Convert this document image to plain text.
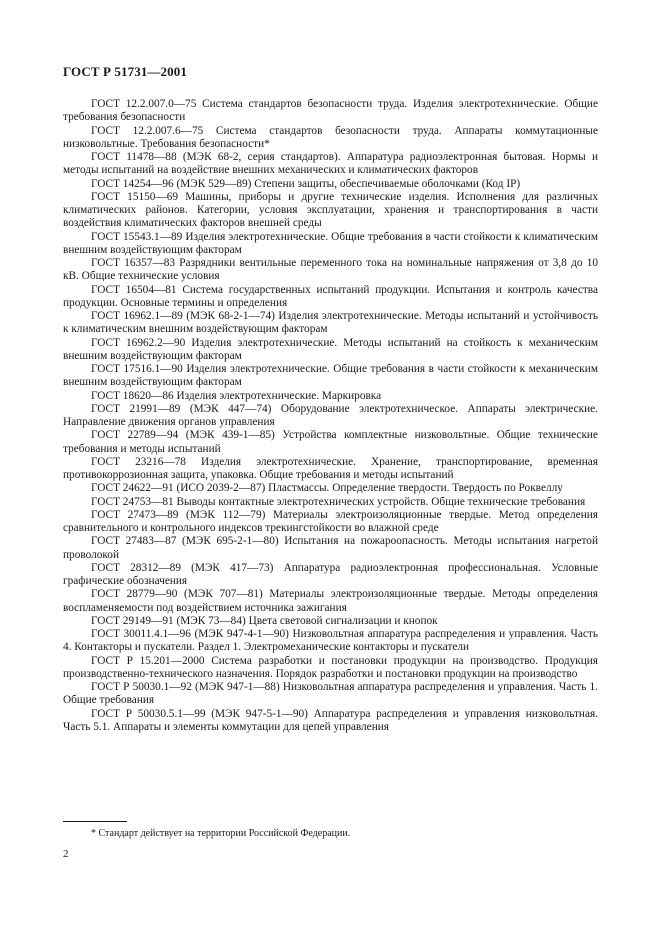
ГОСТ Р 51731—2001

ГОСТ 12.2.007.0—75 Система стандартов безопасности труда. Изделия электротехнические. Общие требования безопасности

ГОСТ 12.2.007.6—75 Система стандартов безопасности труда. Аппараты коммутационные низковольтные. Требования безопасности*

ГОСТ 11478—88 (МЭК 68-2, серия стандартов). Аппаратура радиоэлектронная бытовая. Нормы и методы испытаний на воздействие внешних механических и климатических факторов

ГОСТ 14254—96 (МЭК 529—89) Степени защиты, обеспечиваемые оболочками (Код IP)

ГОСТ 15150—69 Машины, приборы и другие технические изделия. Исполнения для различных климатических районов. Категории, условия эксплуатации, хранения и транспортирования в части воздействия климатических факторов внешней среды

ГОСТ 15543.1—89 Изделия электротехнические. Общие требования в части стойкости к климатическим внешним воздействующим факторам

ГОСТ 16357—83 Разрядники вентильные переменного тока на номинальные напряжения от 3,8 до 10 кВ. Общие технические условия

ГОСТ 16504—81 Система государственных испытаний продукции. Испытания и контроль качества продукции. Основные термины и определения

ГОСТ 16962.1—89 (МЭК 68-2-1—74) Изделия электротехнические. Методы испытаний и устойчивость к климатическим внешним воздействующим факторам

ГОСТ 16962.2—90 Изделия электротехнические. Методы испытаний на стойкость к механическим внешним воздействующим факторам

ГОСТ 17516.1—90 Изделия электротехнические. Общие требования в части стойкости к механическим внешним воздействующим факторам

ГОСТ 18620—86 Изделия электротехнические. Маркировка

ГОСТ 21991—89 (МЭК 447—74) Оборудование электротехническое. Аппараты электрические. Направление движения органов управления

ГОСТ 22789—94 (МЭК 439-1—85) Устройства комплектные низковольтные. Общие технические требования и методы испытаний

ГОСТ 23216—78 Изделия электротехнические. Хранение, транспортирование, временная противокоррозионная защита, упаковка. Общие требования и методы испытаний

ГОСТ 24622—91 (ИСО 2039-2—87) Пластмассы. Определение твердости. Твердость по Роквеллу

ГОСТ 24753—81 Выводы контактные электротехнических устройств. Общие технические требования

ГОСТ 27473—89 (МЭК 112—79) Материалы электроизоляционные твердые. Метод определения сравнительного и контрольного индексов трекингстойкости во влажной среде

ГОСТ 27483—87 (МЭК 695-2-1—80) Испытания на пожароопасность. Методы испытания нагретой проволокой

ГОСТ 28312—89 (МЭК 417—73) Аппаратура радиоэлектронная профессиональная. Условные графические обозначения

ГОСТ 28779—90 (МЭК 707—81) Материалы электроизоляционные твердые. Методы определения воспламеняемости под воздействием источника зажигания

ГОСТ 29149—91 (МЭК 73—84) Цвета световой сигнализации и кнопок

ГОСТ 30011.4.1—96 (МЭК 947-4-1—90) Низковольтная аппаратура распределения и управления. Часть 4. Контакторы и пускатели. Раздел 1. Электромеханические контакторы и пускатели

ГОСТ Р 15.201—2000 Система разработки и постановки продукции на производство. Продукция производственно-технического назначения. Порядок разработки и постановки продукции на производство

ГОСТ Р 50030.1—92 (МЭК 947-1—88) Низковольтная аппаратура распределения и управления. Часть 1. Общие требования

ГОСТ Р 50030.5.1—99 (МЭК 947-5-1—90) Аппаратура распределения и управления низковольтная. Часть 5.1. Аппараты и элементы коммутации для цепей управления

* Стандарт действует на территории Российской Федерации.
2
